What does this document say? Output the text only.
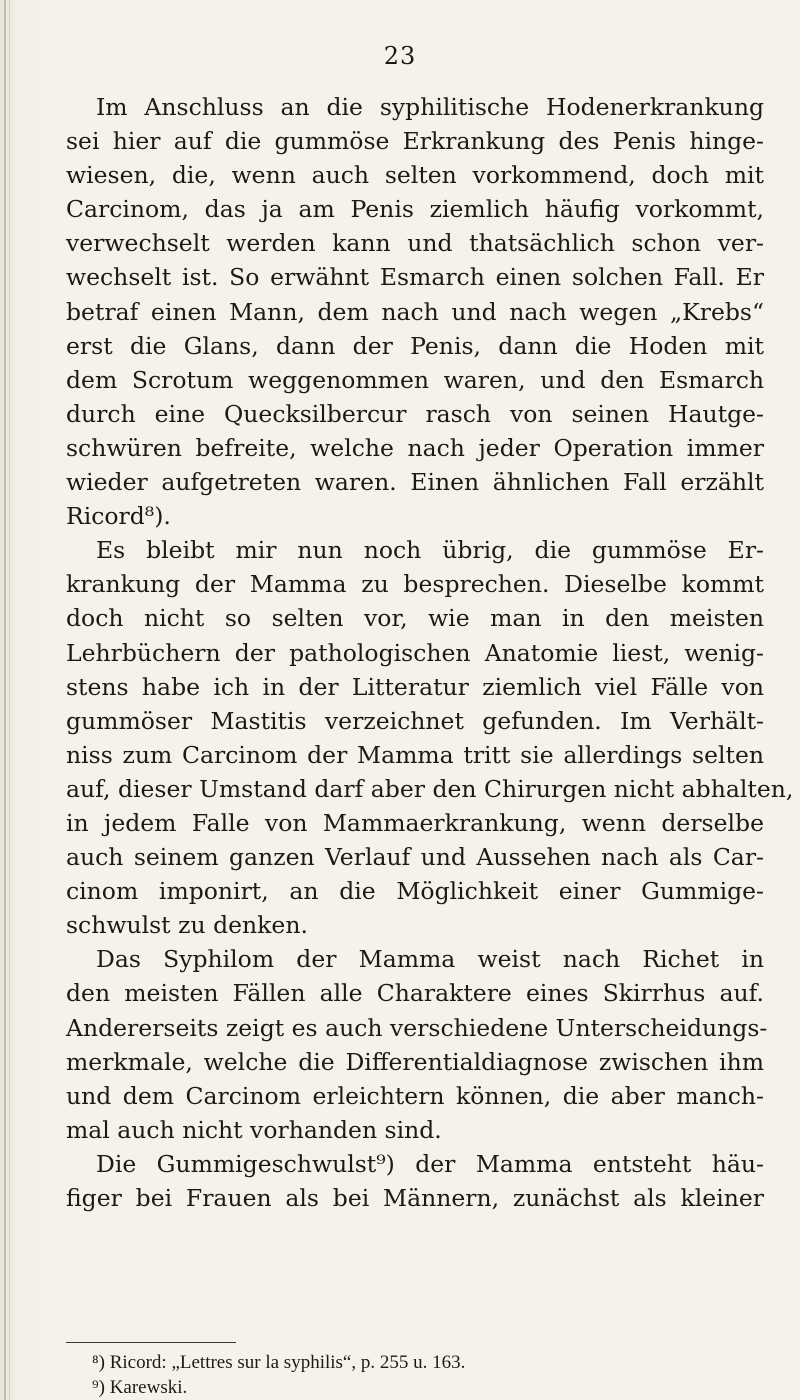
23

Im Anschluss an die syphilitische Hodenerkrankung
sei hier auf die gummöse Erkrankung des Penis hinge-
wiesen, die, wenn auch selten vorkommend, doch mit
Carcinom, das ja am Penis ziemlich häufig vorkommt,
verwechselt werden kann und thatsächlich schon ver-
wechselt ist. So erwähnt Esmarch einen solchen Fall. Er
betraf einen Mann, dem nach und nach wegen „Krebs“
erst die Glans, dann der Penis, dann die Hoden mit
dem Scrotum weggenommen waren, und den Esmarch
durch eine Quecksilbercur rasch von seinen Hautge-
schwüren befreite, welche nach jeder Operation immer
wieder aufgetreten waren. Einen ähnlichen Fall erzählt
Ricord⁸).

Es bleibt mir nun noch übrig, die gummöse Er-
krankung der Mamma zu besprechen. Dieselbe kommt
doch nicht so selten vor, wie man in den meisten
Lehrbüchern der pathologischen Anatomie liest, wenig-
stens habe ich in der Litteratur ziemlich viel Fälle von
gummöser Mastitis verzeichnet gefunden. Im Verhält-
niss zum Carcinom der Mamma tritt sie allerdings selten
auf, dieser Umstand darf aber den Chirurgen nicht abhalten,
in jedem Falle von Mammaerkrankung, wenn derselbe
auch seinem ganzen Verlauf und Aussehen nach als Car-
cinom imponirt, an die Möglichkeit einer Gummige-
schwulst zu denken.

Das Syphilom der Mamma weist nach Richet in
den meisten Fällen alle Charaktere eines Skirrhus auf.
Andererseits zeigt es auch verschiedene Unterscheidungs-
merkmale, welche die Differentialdiagnose zwischen ihm
und dem Carcinom erleichtern können, die aber manch-
mal auch nicht vorhanden sind.

Die Gummigeschwulst⁹) der Mamma entsteht häu-
figer bei Frauen als bei Männern, zunächst als kleiner

⁸) Ricord: „Lettres sur la syphilis“, p. 255 u. 163.
⁹) Karewski.
